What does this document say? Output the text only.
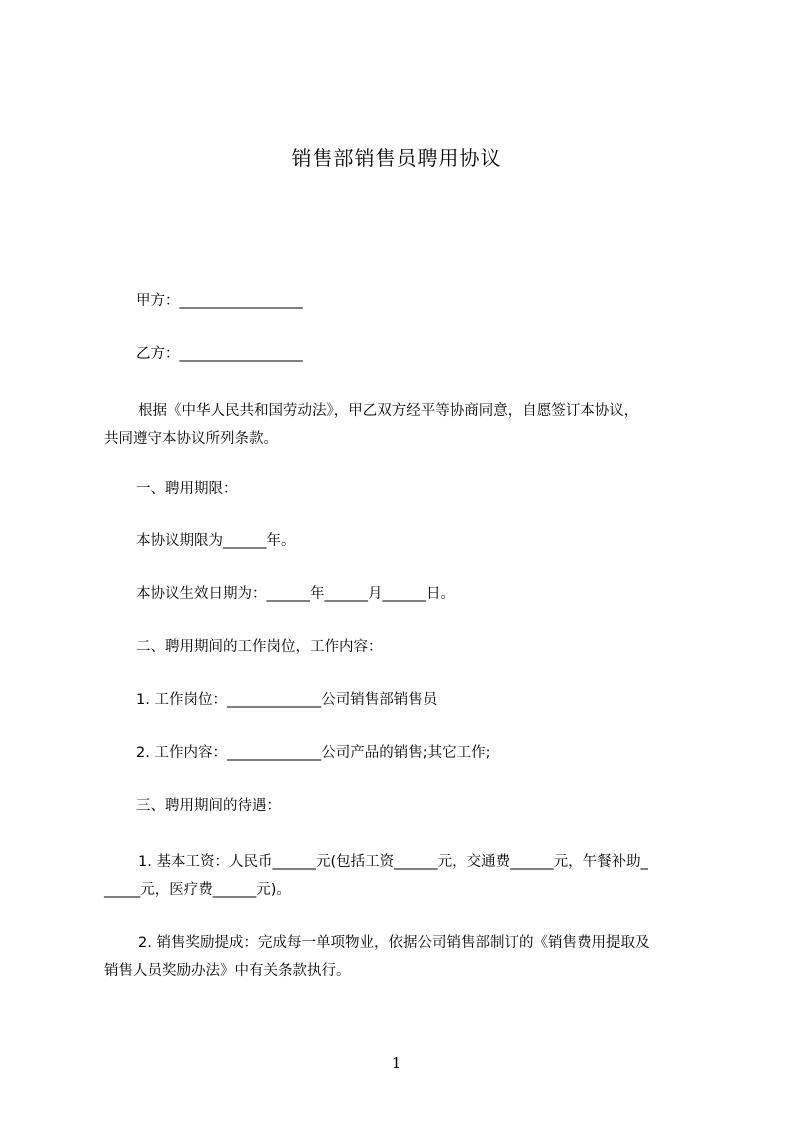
销售部销售员聘用协议
甲方：_________________
乙方：_________________
根据《中华人民共和国劳动法》，甲乙双方经平等协商同意，自愿签订本协议，
共同遵守本协议所列条款。
一、聘用期限：
本协议期限为______年。
本协议生效日期为：______年______月______日。
二、聘用期间的工作岗位，工作内容：
1. 工作岗位：_____________公司销售部销售员
2. 工作内容：_____________公司产品的销售;其它工作;
三、聘用期间的待遇：
1. 基本工资：人民币______元(包括工资______元，交通费______元，午餐补助_
_____元，医疗费______元)。
2. 销售奖励提成：完成每一单项物业，依据公司销售部制订的《销售费用提取及
销售人员奖励办法》中有关条款执行。
1
